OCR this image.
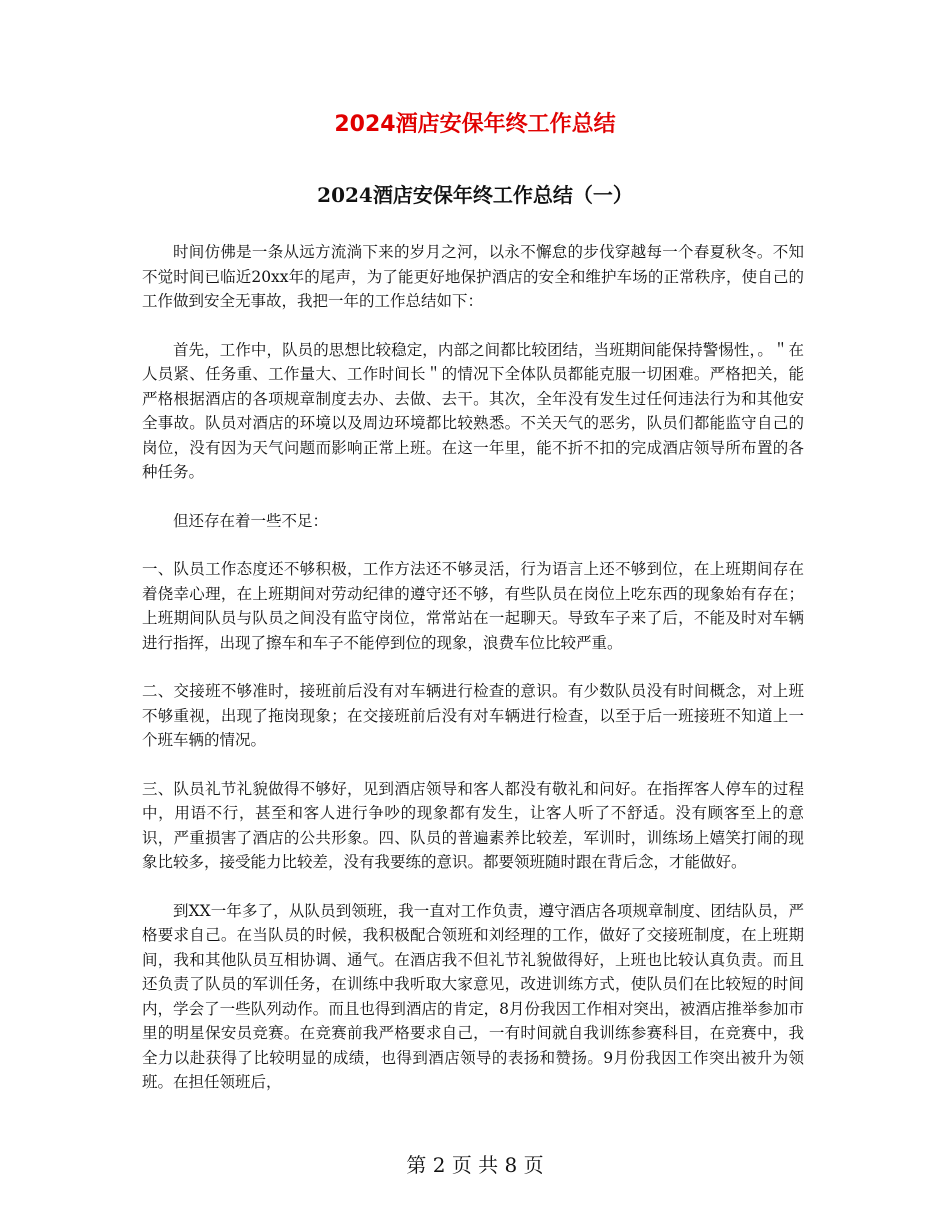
2024酒店安保年终工作总结
2024酒店安保年终工作总结（一）

时间仿佛是一条从远方流淌下来的岁月之河，以永不懈怠的步伐穿越每一个春夏秋冬。不知不觉时间已临近20xx年的尾声，为了能更好地保护酒店的安全和维护车场的正常秩序，使自己的工作做到安全无事故，我把一年的工作总结如下：

首先，工作中，队员的思想比较稳定，内部之间都比较团结，当班期间能保持警惕性，。＂在人员紧、任务重、工作量大、工作时间长＂的情况下全体队员都能克服一切困难。严格把关，能严格根据酒店的各项规章制度去办、去做、去干。其次，全年没有发生过任何违法行为和其他安全事故。队员对酒店的环境以及周边环境都比较熟悉。不关天气的恶劣，队员们都能监守自己的岗位，没有因为天气问题而影响正常上班。在这一年里，能不折不扣的完成酒店领导所布置的各种任务。

但还存在着一些不足：

一、队员工作态度还不够积极，工作方法还不够灵活，行为语言上还不够到位，在上班期间存在着侥幸心理，在上班期间对劳动纪律的遵守还不够，有些队员在岗位上吃东西的现象始有存在；上班期间队员与队员之间没有监守岗位，常常站在一起聊天。导致车子来了后，不能及时对车辆进行指挥，出现了擦车和车子不能停到位的现象，浪费车位比较严重。

二、交接班不够准时，接班前后没有对车辆进行检查的意识。有少数队员没有时间概念，对上班不够重视，出现了拖岗现象；在交接班前后没有对车辆进行检查，以至于后一班接班不知道上一个班车辆的情况。

三、队员礼节礼貌做得不够好，见到酒店领导和客人都没有敬礼和问好。在指挥客人停车的过程中，用语不行，甚至和客人进行争吵的现象都有发生，让客人听了不舒适。没有顾客至上的意识，严重损害了酒店的公共形象。四、队员的普遍素养比较差，军训时，训练场上嬉笑打闹的现象比较多，接受能力比较差，没有我要练的意识。都要领班随时跟在背后念，才能做好。

到XX一年多了，从队员到领班，我一直对工作负责，遵守酒店各项规章制度、团结队员，严格要求自己。在当队员的时候，我积极配合领班和刘经理的工作，做好了交接班制度，在上班期间，我和其他队员互相协调、通气。在酒店我不但礼节礼貌做得好，上班也比较认真负责。而且还负责了队员的军训任务，在训练中我听取大家意见，改进训练方式，使队员们在比较短的时间内，学会了一些队列动作。而且也得到酒店的肯定，8月份我因工作相对突出，被酒店推举参加市里的明星保安员竞赛。在竞赛前我严格要求自己，一有时间就自我训练参赛科目，在竞赛中，我全力以赴获得了比较明显的成绩，也得到酒店领导的表扬和赞扬。9月份我因工作突出被升为领班。在担任领班后，

第 2 页 共 8 页
